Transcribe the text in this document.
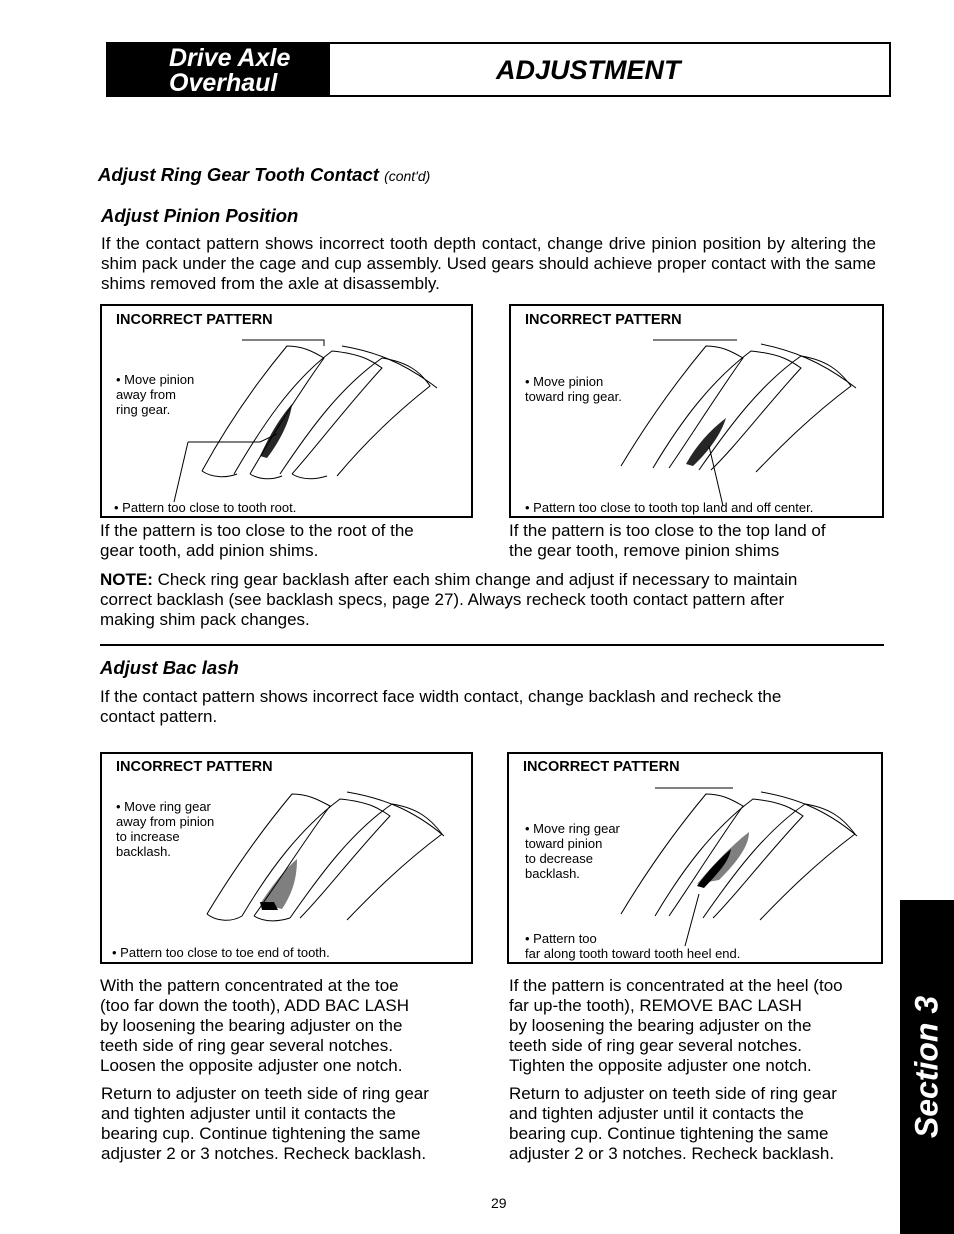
Drive Axle
Overhaul	ADJUSTMENT
Adjust Ring Gear Tooth Contact (cont'd)
Adjust Pinion Position
If the contact pattern shows incorrect tooth depth contact, change drive pinion position by altering the shim pack under the cage and cup assembly. Used gears should achieve proper contact with the same shims removed from the axle at disassembly.
INCORRECT PATTERN
• Move pinion
away from
ring gear.
• Pattern too close to tooth root.
INCORRECT PATTERN
• Move pinion
toward ring gear.
• Pattern too close to tooth top land and off center.
If the pattern is too close to the root of the
gear tooth, add pinion shims.
If the pattern is too close to the top land of
the gear tooth, remove pinion shims
NOTE: Check ring gear backlash after each shim change and adjust if necessary to maintain
correct backlash (see backlash specs, page 27). Always recheck tooth contact pattern after
making shim pack changes.
Adjust Bac lash
If the contact pattern shows incorrect face width contact, change backlash and recheck the
contact pattern.
INCORRECT PATTERN
• Move ring gear
away from pinion
to increase
backlash.
• Pattern too close to toe end of tooth.
INCORRECT PATTERN
• Move ring gear
toward pinion
to decrease
backlash.
• Pattern too
far along tooth toward tooth heel end.
With the pattern concentrated at the toe
(too far down the tooth), ADD BAC LASH
by loosening the bearing adjuster on the
teeth side of ring gear several notches.
Loosen the opposite adjuster one notch.
Return to adjuster on teeth side of ring gear
and tighten adjuster until it contacts the
bearing cup. Continue tightening the same
adjuster 2 or 3 notches. Recheck backlash.
If the pattern is concentrated at the heel (too
far up-the tooth), REMOVE BAC LASH
by loosening the bearing adjuster on the
teeth side of ring gear several notches.
Tighten the opposite adjuster one notch.
Return to adjuster on teeth side of ring gear
and tighten adjuster until it contacts the
bearing cup. Continue tightening the same
adjuster 2 or 3 notches. Recheck backlash.
Section 3
29
